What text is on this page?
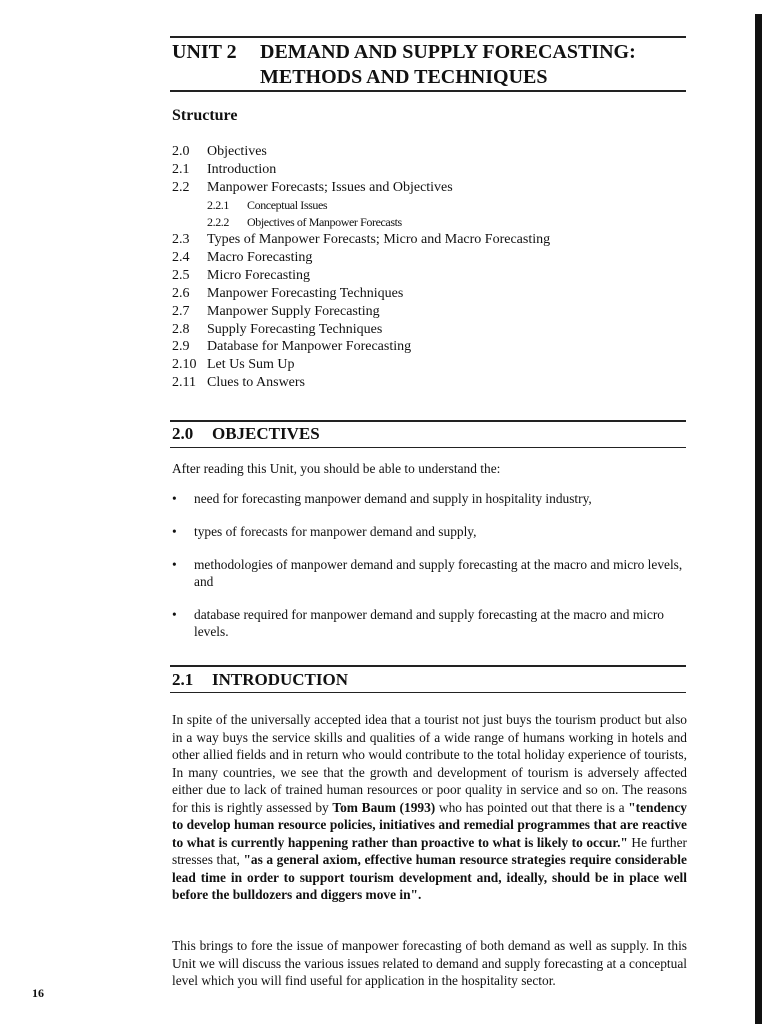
UNIT 2 DEMAND AND SUPPLY FORECASTING:
METHODS AND TECHNIQUES
Structure
2.0 Objectives
2.1 Introduction
2.2 Manpower Forecasts; Issues and Objectives
2.2.1 Conceptual Issues
2.2.2 Objectives of Manpower Forecasts
2.3 Types of Manpower Forecasts; Micro and Macro Forecasting
2.4 Macro Forecasting
2.5 Micro Forecasting
2.6 Manpower Forecasting Techniques
2.7 Manpower Supply Forecasting
2.8 Supply Forecasting Techniques
2.9 Database for Manpower Forecasting
2.10 Let Us Sum Up
2.11 Clues to Answers
2.0 OBJECTIVES
After reading this Unit, you should be able to understand the:
• need for forecasting manpower demand and supply in hospitality industry,
• types of forecasts for manpower demand and supply,
• methodologies of manpower demand and supply forecasting at the macro and micro levels, and
• database required for manpower demand and supply forecasting at the macro and micro levels.
2.1 INTRODUCTION
In spite of the universally accepted idea that a tourist not just buys the tourism product but also in a way buys the service skills and qualities of a wide range of humans working in hotels and other allied fields and in return who would contribute to the total holiday experience of tourists, In many countries, we see that the growth and development of tourism is adversely affected either due to lack of trained human resources or poor quality in service and so on. The reasons for this is rightly assessed by Tom Baum (1993) who has pointed out that there is a "tendency to develop human resource policies, initiatives and remedial programmes that are reactive to what is currently happening rather than proactive to what is likely to occur." He further stresses that, "as a general axiom, effective human resource strategies require considerable lead time in order to support tourism development and, ideally, should be in place well before the bulldozers and diggers move in".
This brings to fore the issue of manpower forecasting of both demand as well as supply. In this Unit we will discuss the various issues related to demand and supply forecasting at a conceptual level which you will find useful for application in the hospitality sector.
16
